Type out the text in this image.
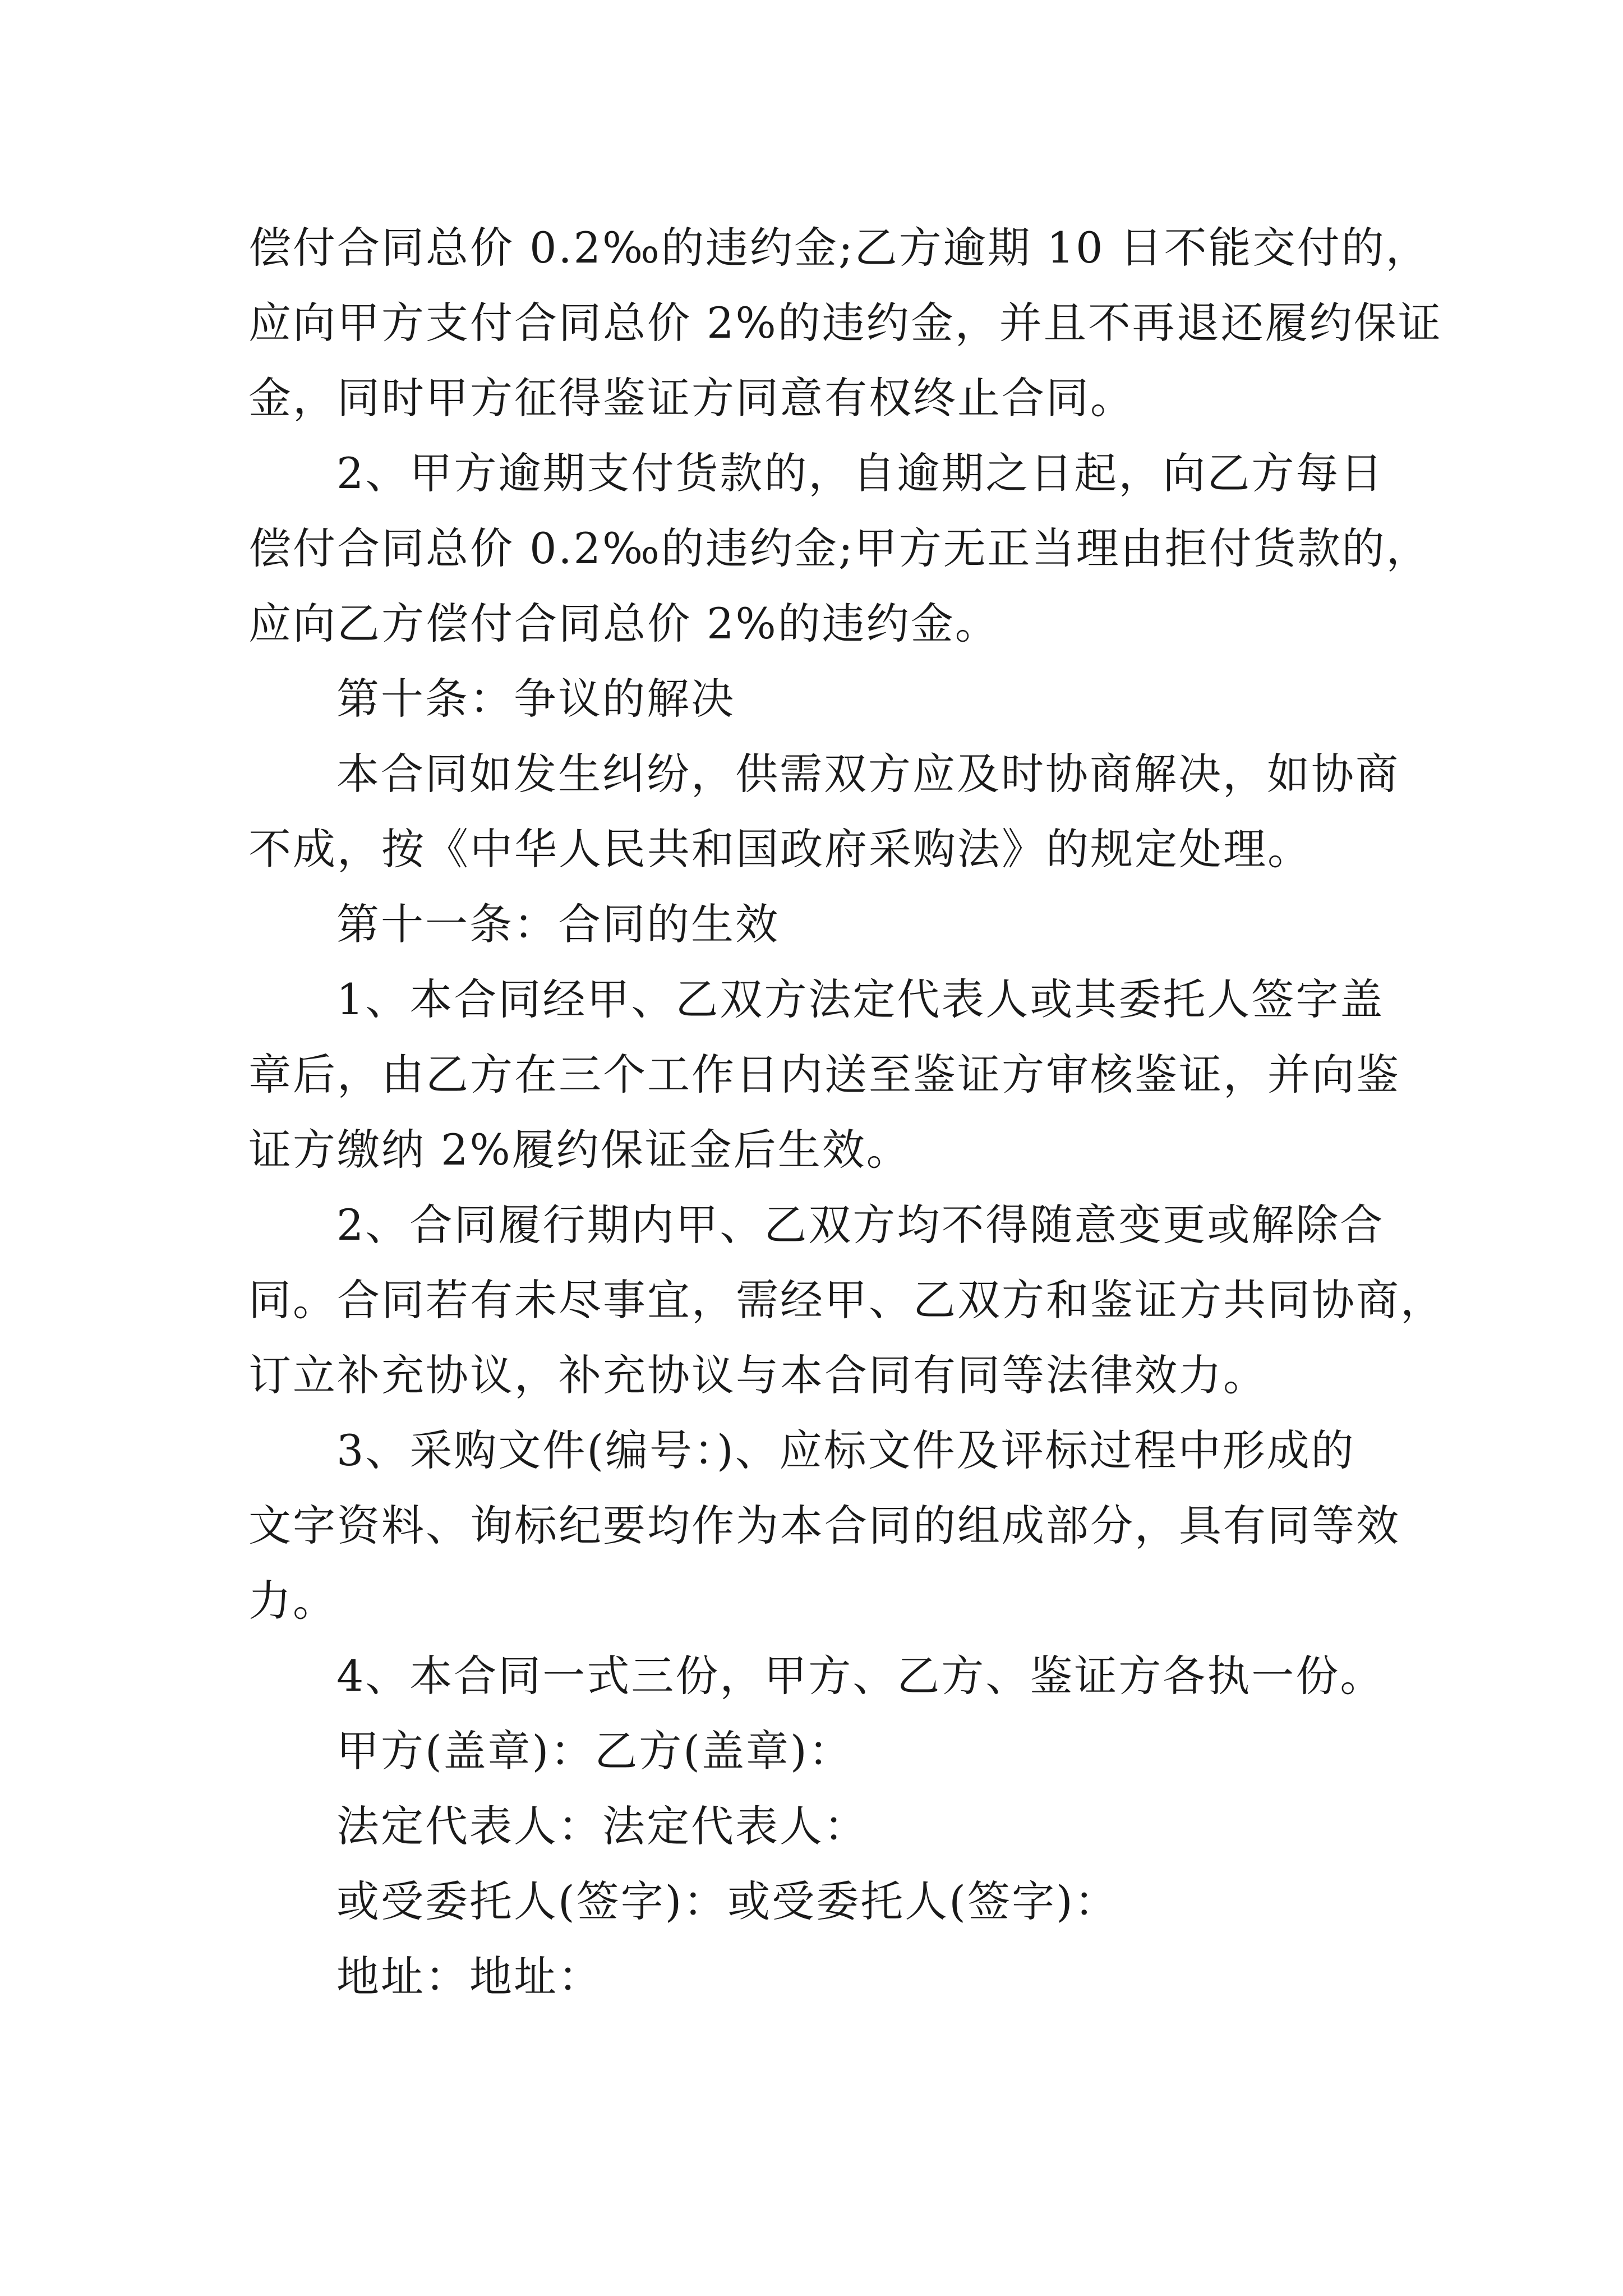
偿付合同总价 0.2‰的违约金;乙方逾期 10 日不能交付的，
应向甲方支付合同总价 2%的违约金，并且不再退还履约保证
金，同时甲方征得鉴证方同意有权终止合同。
2、甲方逾期支付货款的，自逾期之日起，向乙方每日
偿付合同总价 0.2‰的违约金;甲方无正当理由拒付货款的，
应向乙方偿付合同总价 2%的违约金。
第十条：争议的解决
本合同如发生纠纷，供需双方应及时协商解决，如协商
不成，按《中华人民共和国政府采购法》的规定处理。
第十一条：合同的生效
1、本合同经甲、乙双方法定代表人或其委托人签字盖
章后，由乙方在三个工作日内送至鉴证方审核鉴证，并向鉴
证方缴纳 2%履约保证金后生效。
2、合同履行期内甲、乙双方均不得随意变更或解除合
同。合同若有未尽事宜，需经甲、乙双方和鉴证方共同协商，
订立补充协议，补充协议与本合同有同等法律效力。
3、采购文件(编号：)、应标文件及评标过程中形成的
文字资料、询标纪要均作为本合同的组成部分，具有同等效
力。
4、本合同一式三份，甲方、乙方、鉴证方各执一份。
甲方(盖章)：乙方(盖章)：
法定代表人：法定代表人：
或受委托人(签字)：或受委托人(签字)：
地址：地址：
